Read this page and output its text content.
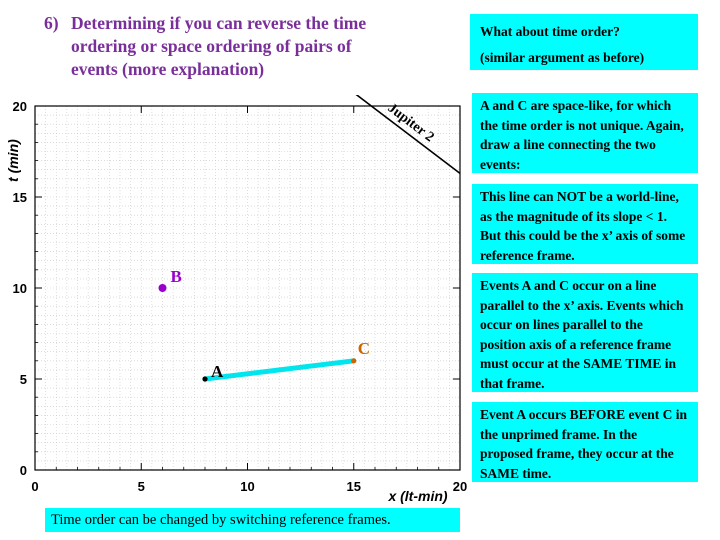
6) Determining if you can reverse the time ordering or space ordering of pairs of events (more explanation)
What about time order?
(similar argument as before)
A and C are space-like, for which the time order is not unique. Again, draw a line connecting the two events:
This line can NOT be a world-line, as the magnitude of its slope < 1. But this could be the x’ axis of some reference frame.
Events A and C occur on a line parallel to the x’ axis. Events which occur on lines parallel to the position axis of a reference frame must occur at the SAME TIME in that frame.
Event A occurs BEFORE event C in the unprimed frame. In the proposed frame, they occur at the SAME time.
0	5	10	15	20
0
5
10
15
20
x (lt-min)
t (min)
Jupiter 2
A
B
C
Time order can be changed by switching reference frames.
